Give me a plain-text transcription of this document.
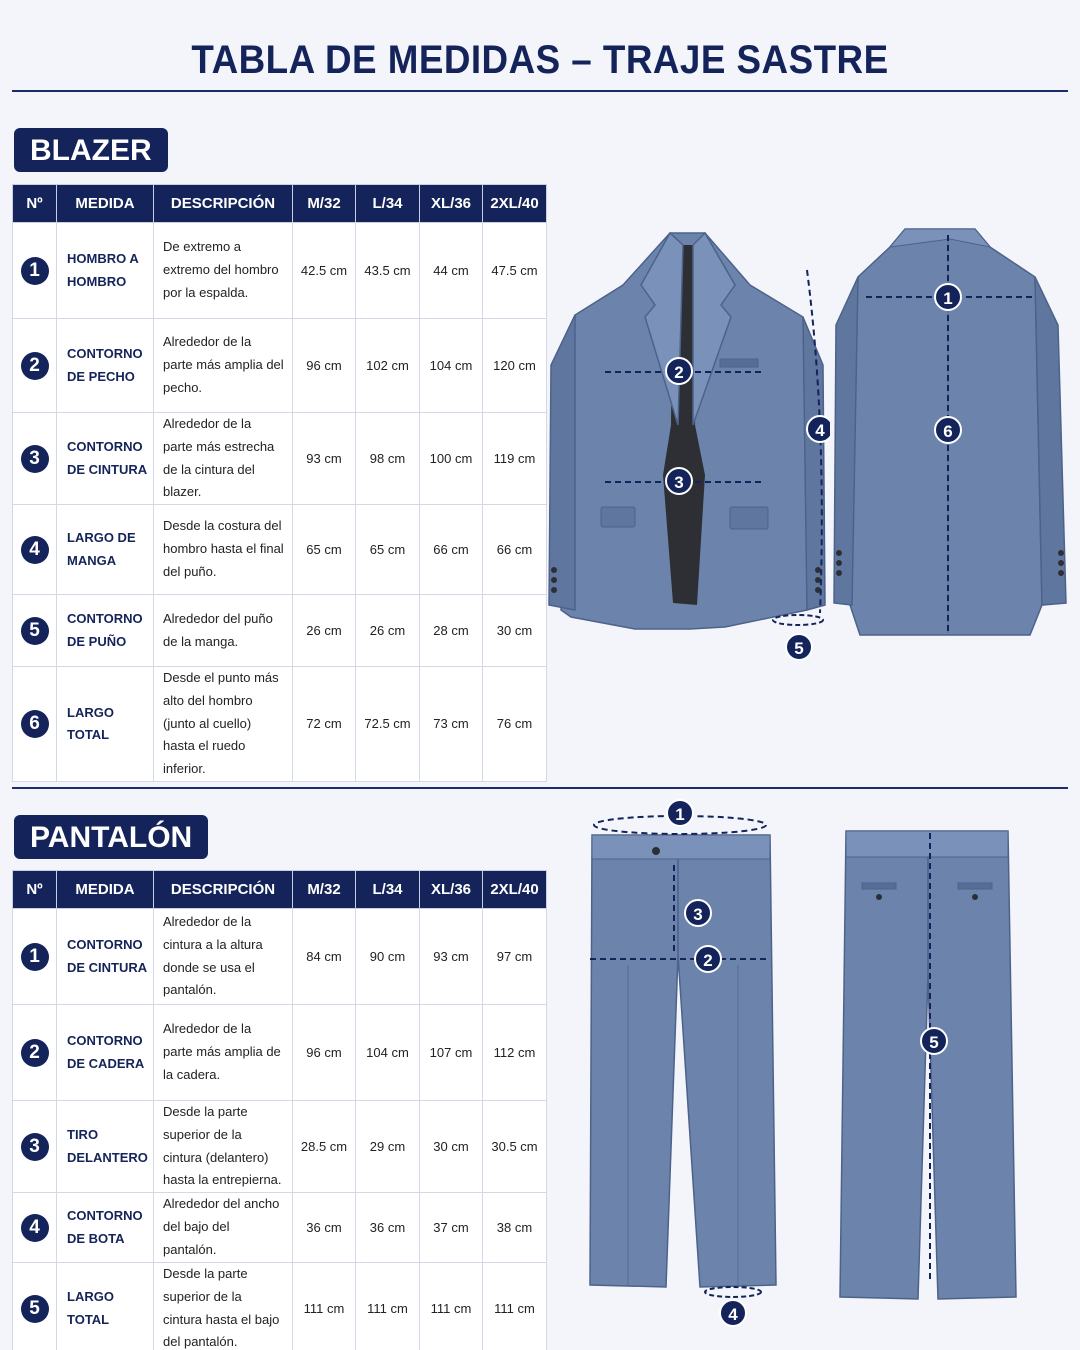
TABLA DE MEDIDAS – TRAJE SASTRE
BLAZER
Nº	MEDIDA	DESCRIPCIÓN	M/32	L/34	XL/36	2XL/40
1	HOMBRO A HOMBRO	De extremo a extremo del hombro por la espalda.	42.5 cm	43.5 cm	44 cm	47.5 cm
2	CONTORNO DE PECHO	Alrededor de la parte más amplia del pecho.	96 cm	102 cm	104 cm	120 cm
3	CONTORNO DE CINTURA	Alrededor de la parte más estrecha de la cintura del blazer.	93 cm	98 cm	100 cm	119 cm
4	LARGO DE MANGA	Desde la costura del hombro hasta el final del puño.	65 cm	65 cm	66 cm	66 cm
5	CONTORNO DE PUÑO	Alrededor del puño de la manga.	26 cm	26 cm	28 cm	30 cm
6	LARGO TOTAL	Desde el punto más alto del hombro (junto al cuello) hasta el ruedo inferior.	72 cm	72.5 cm	73 cm	76 cm
2
3
4
5
1
6
PANTALÓN
Nº	MEDIDA	DESCRIPCIÓN	M/32	L/34	XL/36	2XL/40
1	CONTORNO DE CINTURA	Alrededor de la cintura a la altura donde se usa el pantalón.	84 cm	90 cm	93 cm	97 cm
2	CONTORNO DE CADERA	Alrededor de la parte más amplia de la cadera.	96 cm	104 cm	107 cm	112 cm
3	TIRO DELANTERO	Desde la parte superior de la cintura (delantero) hasta la entrepierna.	28.5 cm	29 cm	30 cm	30.5 cm
4	CONTORNO DE BOTA	Alrededor del ancho del bajo del pantalón.	36 cm	36 cm	37 cm	38 cm
5	LARGO TOTAL	Desde la parte superior de la cintura hasta el bajo del pantalón.	111 cm	111 cm	111 cm	111 cm
1
2
3
4
5
